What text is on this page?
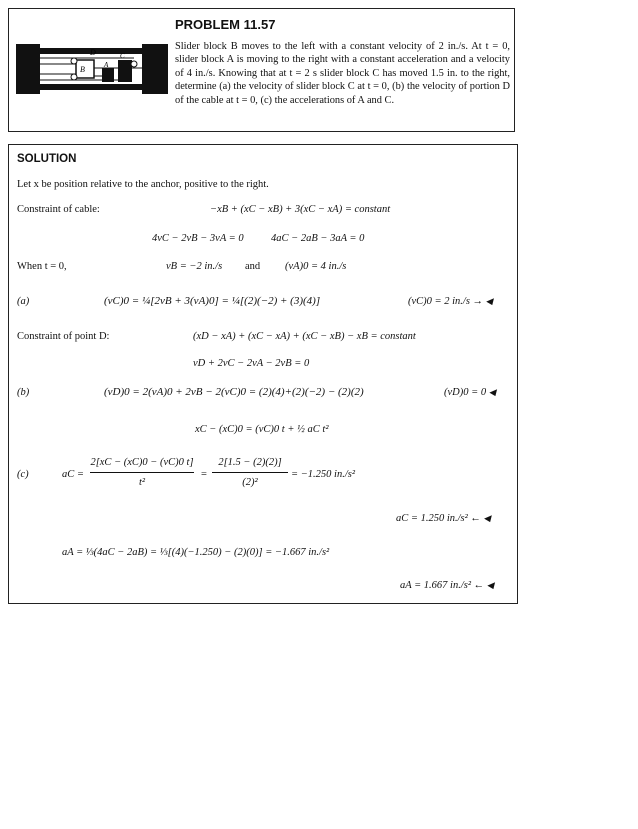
PROBLEM 11.57
D
B	A
C
Slider block B moves to the left with a constant velocity of 2 in./s. At t = 0, slider block A is moving to the right with a constant acceleration and a velocity of 4 in./s. Knowing that at t = 2 s slider block C has moved 1.5 in. to the right, determine (a) the velocity of slider block C at t = 0, (b) the velocity of portion D of the cable at t = 0, (c) the accelerations of A and C.
SOLUTION
Let x be position relative to the anchor, positive to the right.
Constraint of cable:	−xB + (xC − xB) + 3(xC − xA) = constant
4vC − 2vB − 3vA = 0	4aC − 2aB − 3aA = 0
When t = 0,	vB = −2 in./s and (vA)0 = 4 in./s
(a)	(vC)0 = ¼[2vB + 3(vA)0] = ¼[(2)(−2) + (3)(4)]	(vC)0 = 2 in./s → ◀
Constraint of point D:	(xD − xA) + (xC − xA) + (xC − xB) − xB = constant
vD + 2vC − 2vA − 2vB = 0
(b)	(vD)0 = 2(vA)0 + 2vB − 2(vC)0 = (2)(4)+(2)(−2) − (2)(2)	(vD)0 = 0 ◀
xC − (xC)0 = (vC)0 t + ½ aC t²
(c)	aC =
2[xC − (xC)0 − (vC)0 t]
t²
=
2[1.5 − (2)(2)]
(2)²
= −1.250 in./s²
aC = 1.250 in./s² ← ◀
aA = ⅓(4aC − 2aB) = ⅓[(4)(−1.250) − (2)(0)] = −1.667 in./s²
aA = 1.667 in./s² ← ◀
